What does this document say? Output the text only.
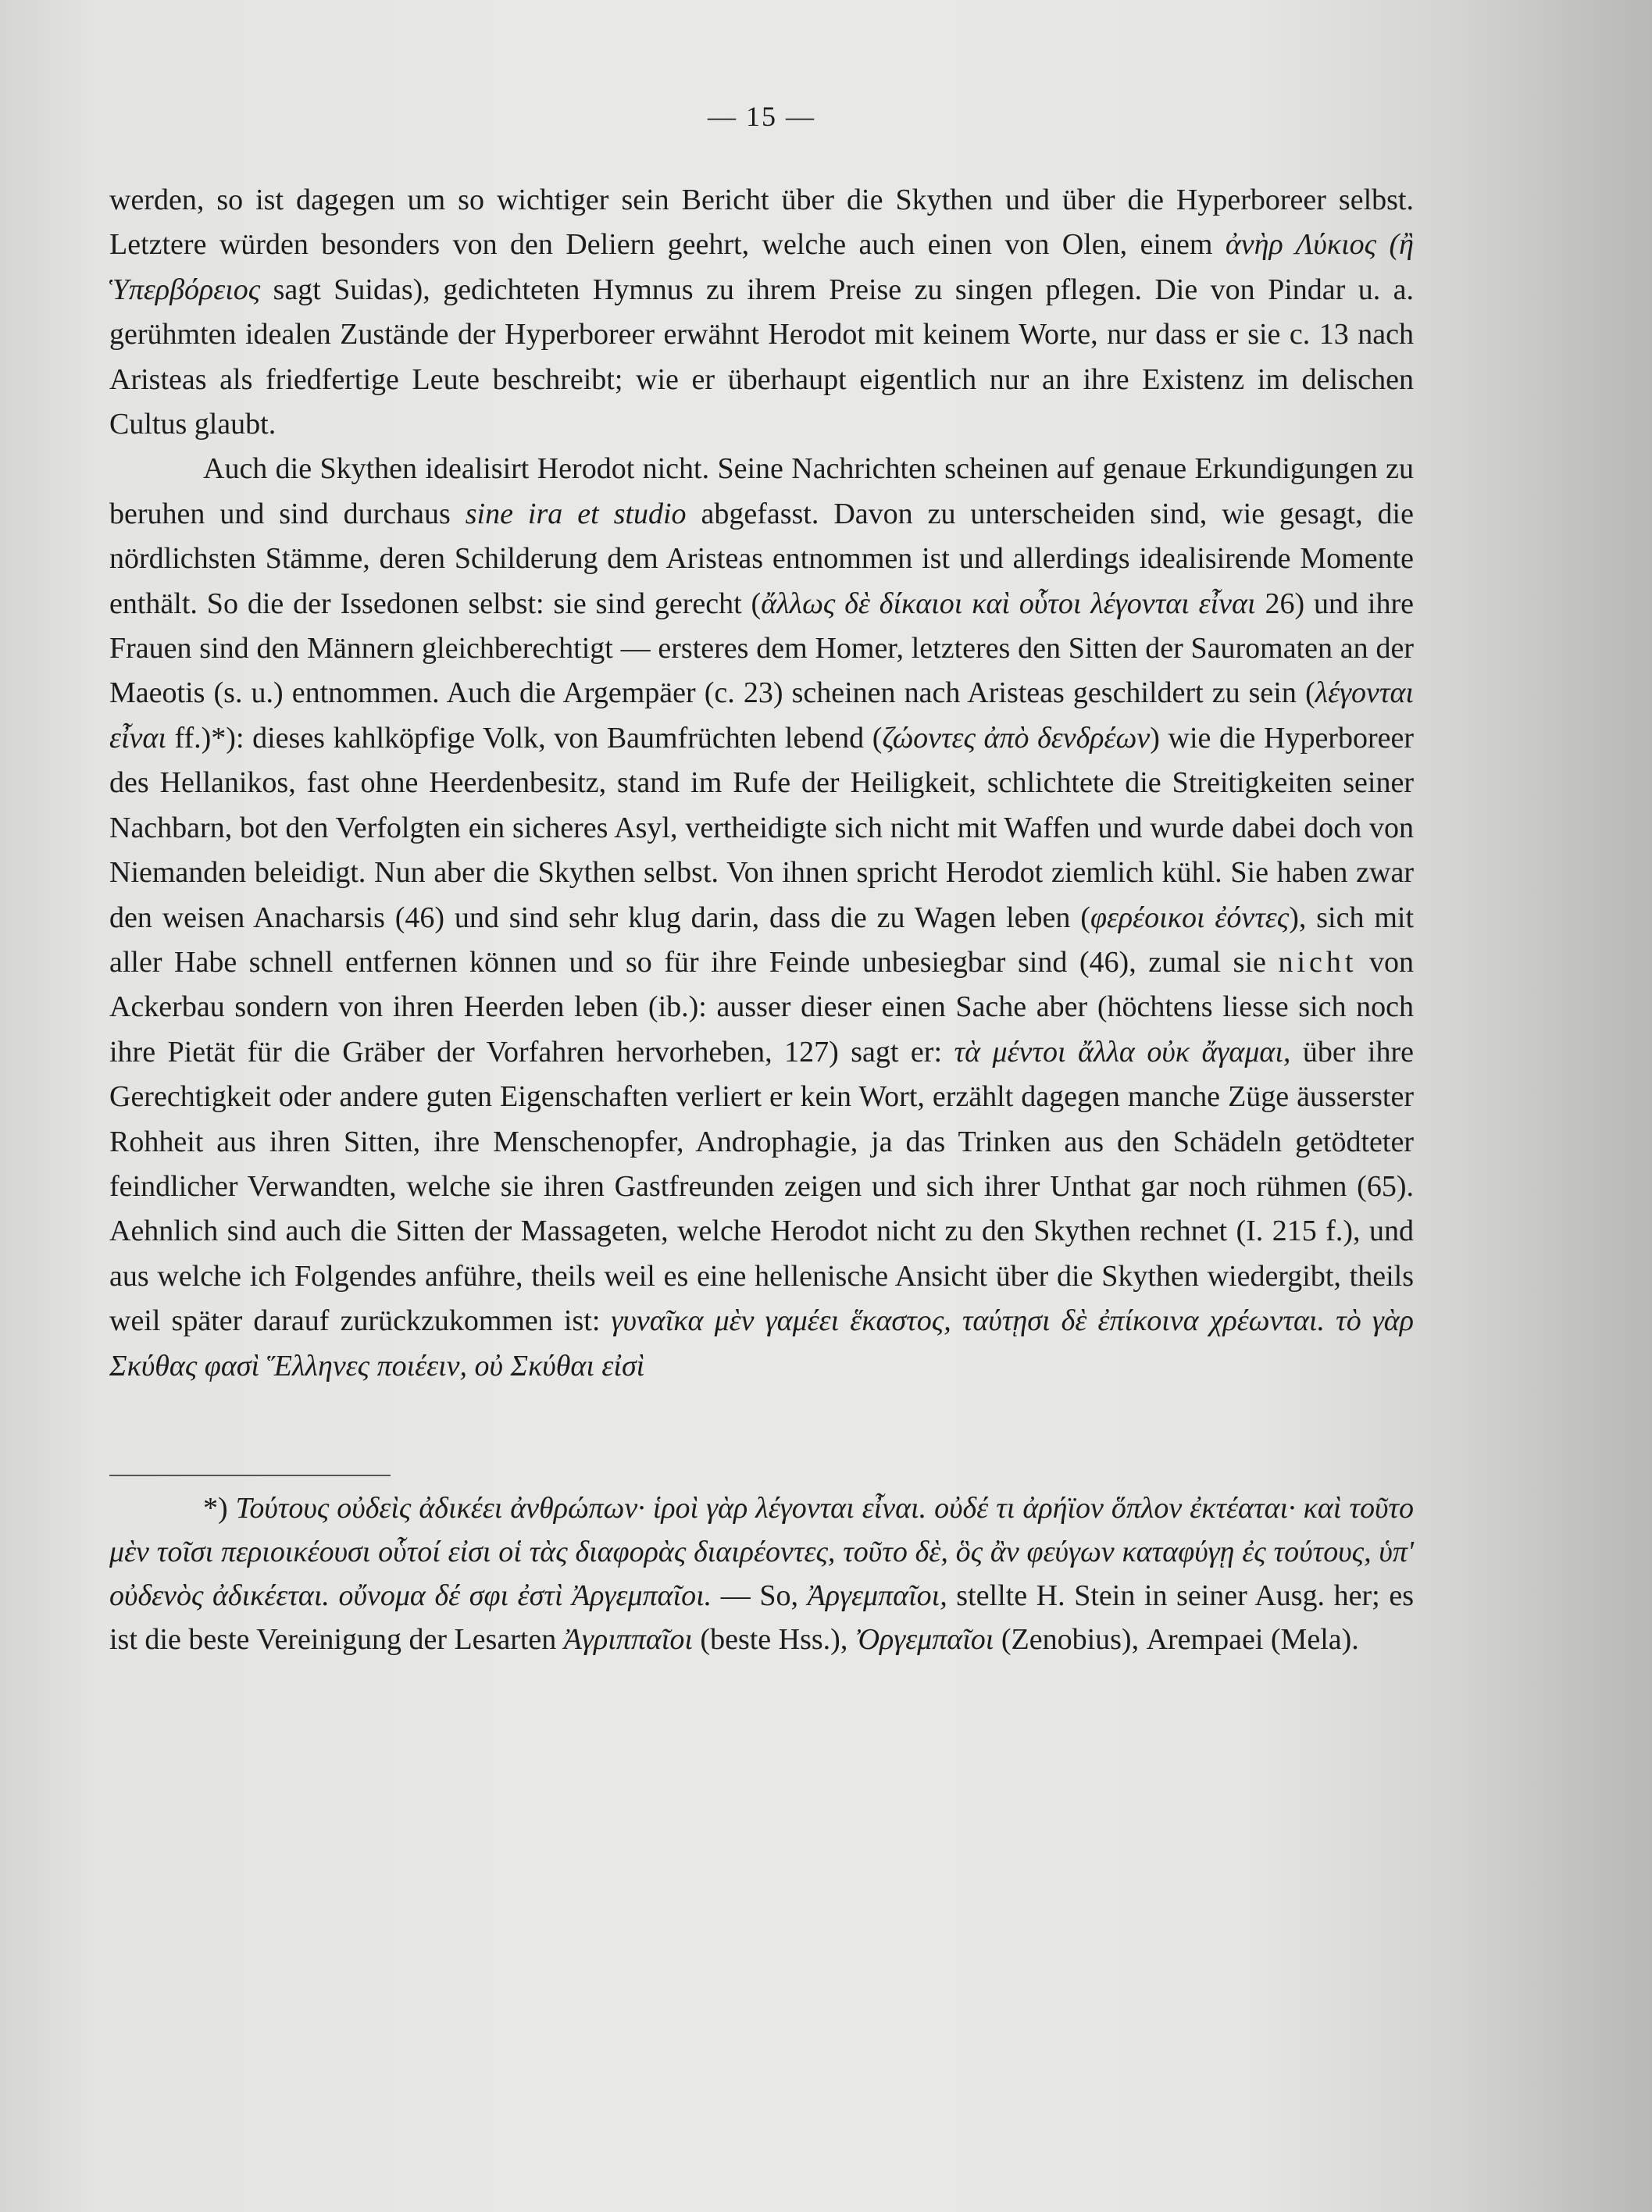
— 15 —

werden, so ist dagegen um so wichtiger sein Bericht über die Skythen und über die Hyperboreer selbst. Letztere würden besonders von den Deliern geehrt, welche auch einen von Olen, einem ἀνὴρ Λύκιος (ἢ Ὑπερβόρειος sagt Suidas), gedichteten Hymnus zu ihrem Preise zu singen pflegen. Die von Pindar u. a. gerühmten idealen Zustände der Hyperboreer erwähnt Herodot mit keinem Worte, nur dass er sie c. 13 nach Aristeas als friedfertige Leute beschreibt; wie er überhaupt eigentlich nur an ihre Existenz im delischen Cultus glaubt.

Auch die Skythen idealisirt Herodot nicht. Seine Nachrichten scheinen auf genaue Erkundigungen zu beruhen und sind durchaus sine ira et studio abgefasst. Davon zu unterscheiden sind, wie gesagt, die nördlichsten Stämme, deren Schilderung dem Aristeas entnommen ist und allerdings idealisirende Momente enthält. So die der Issedonen selbst: sie sind gerecht (ἄλλως δὲ δίκαιοι καὶ οὗτοι λέγονται εἶναι 26) und ihre Frauen sind den Männern gleichberechtigt — ersteres dem Homer, letzteres den Sitten der Sauromaten an der Maeotis (s. u.) entnommen. Auch die Argempäer (c. 23) scheinen nach Aristeas geschildert zu sein (λέγονται εἶναι ff.)*): dieses kahlköpfige Volk, von Baumfrüchten lebend (ζώοντες ἀπὸ δενδρέων) wie die Hyperboreer des Hellanikos, fast ohne Heerdenbesitz, stand im Rufe der Heiligkeit, schlichtete die Streitigkeiten seiner Nachbarn, bot den Verfolgten ein sicheres Asyl, vertheidigte sich nicht mit Waffen und wurde dabei doch von Niemanden beleidigt. Nun aber die Skythen selbst. Von ihnen spricht Herodot ziemlich kühl. Sie haben zwar den weisen Anacharsis (46) und sind sehr klug darin, dass die zu Wagen leben (φερέοικοι ἐόντες), sich mit aller Habe schnell entfernen können und so für ihre Feinde unbesiegbar sind (46), zumal sie nicht von Ackerbau sondern von ihren Heerden leben (ib.): ausser dieser einen Sache aber (höchtens liesse sich noch ihre Pietät für die Gräber der Vorfahren hervorheben, 127) sagt er: τὰ μέντοι ἄλλα οὐκ ἄγαμαι, über ihre Gerechtigkeit oder andere guten Eigenschaften verliert er kein Wort, erzählt dagegen manche Züge äusserster Rohheit aus ihren Sitten, ihre Menschenopfer, Androphagie, ja das Trinken aus den Schädeln getödteter feindlicher Verwandten, welche sie ihren Gastfreunden zeigen und sich ihrer Unthat gar noch rühmen (65). Aehnlich sind auch die Sitten der Massageten, welche Herodot nicht zu den Skythen rechnet (I. 215 f.), und aus welche ich Folgendes anführe, theils weil es eine hellenische Ansicht über die Skythen wiedergibt, theils weil später darauf zurückzukommen ist: γυναῖκα μὲν γαμέει ἕκαστος, ταύτῃσι δὲ ἐπίκοινα χρέωνται. τὸ γὰρ Σκύθας φασὶ Ἕλληνες ποιέειν, οὐ Σκύθαι εἰσὶ

*) Τούτους οὐδεὶς ἀδικέει ἀνθρώπων· ἱροὶ γὰρ λέγονται εἶναι. οὐδέ τι ἀρήϊον ὅπλον ἐκτέαται· καὶ τοῦτο μὲν τοῖσι περιοικέουσι οὗτοί εἰσι οἱ τὰς διαφορὰς διαιρέοντες, τοῦτο δὲ, ὃς ἂν φεύγων καταφύγῃ ἐς τούτους, ὑπ' οὐδενὸς ἀδικέεται. οὔνομα δέ σφι ἐστὶ Ἀργεμπαῖοι. — So, Ἀργεμπαῖοι, stellte H. Stein in seiner Ausg. her; es ist die beste Vereinigung der Lesarten Ἀγριππαῖοι (beste Hss.), Ὀργεμπαῖοι (Zenobius), Arempaei (Mela).
